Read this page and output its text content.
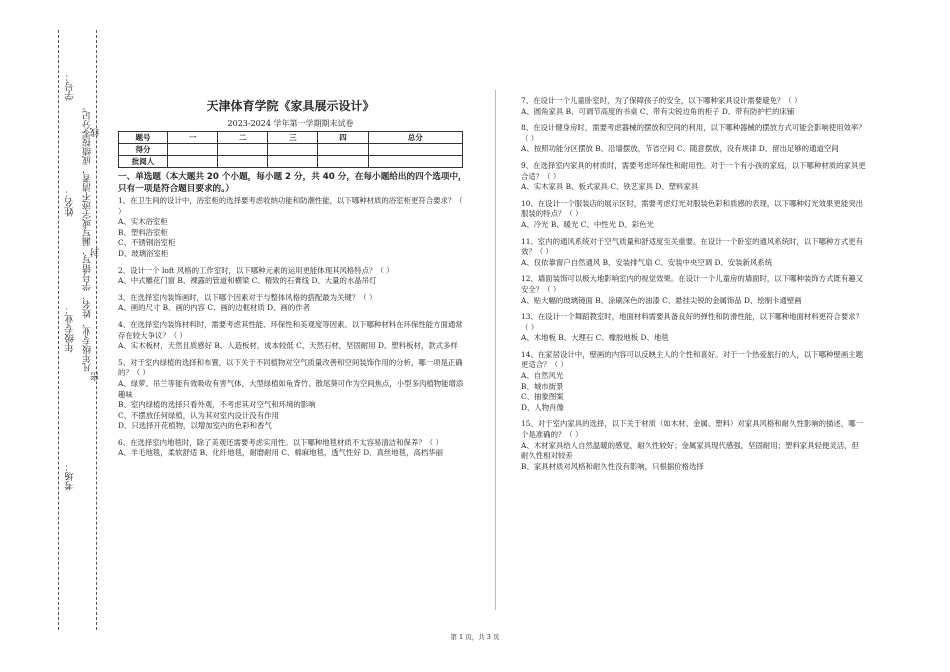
学号：
姓名：
年级专业：
考场：
凡年级专业、姓名、学号错写、漏写或字迹不清者，成绩按零分记。
线
封
密
天津体育学院《家具展示设计》
2023-2024 学年第一学期期末试卷
题号	一	二	三	四	总分
得分					
批阅人					
一、单选题（本大题共 20 个小题，每小题 2 分，共 40 分，在每小题给出的四个选项中，只有一项是符合题目要求的。）
1、在卫生间的设计中，浴室柜的选择要考虑收纳功能和防潮性能，以下哪种材质的浴室柜更符合要求？（ ）
A、实木浴室柜
B、塑料浴室柜
C、不锈钢浴室柜
D、玻璃浴室柜
2、设计一个 loft 风格的工作室时，以下哪种元素的运用更能体现其风格特点？（ ）
A、中式雕花门窗 B、裸露的管道和横梁 C、精致的石膏线 D、大量的水晶吊灯
3、在选择室内装饰画时，以下哪个因素对于与整体风格的搭配最为关键？（ ）
A、画的尺寸 B、画的内容 C、画的边框材质 D、画的作者
4、在选择室内装饰材料时，需要考虑其性能、环保性和美观度等因素。以下哪种材料在环保性能方面通常存在较大争议？（ ）
A、实木板材，天然且质感好 B、人造板材，成本较低 C、天然石材，坚固耐用 D、塑料板材，款式多样
5、对于室内绿植的选择和布置，以下关于不同植物对空气质量改善和空间装饰作用的分析，哪一项是正确的？（ ）
A、绿萝、吊兰等能有效吸收有害气体，大型绿植如龟背竹、散尾葵可作为空间焦点，小型多肉植物能增添趣味
B、室内绿植的选择只看外观，不考虑其对空气和环境的影响
C、不摆放任何绿植，认为其对室内设计没有作用
D、只选择开花植物，以增加室内的色彩和香气
6、在选择室内地毯时，除了美观还需要考虑实用性。以下哪种地毯材质不太容易清洁和保养？（ ）
A、羊毛地毯，柔软舒适 B、化纤地毯，耐磨耐用 C、棉麻地毯，透气性好 D、真丝地毯，高档华丽
7、在设计一个儿童卧室时，为了保障孩子的安全，以下哪种家具设计需要避免？（ ）
A、圆角家具 B、可调节高度的书桌 C、带有尖锐边角的柜子 D、带有防护栏的床铺
8、在设计健身房时，需要考虑器械的摆放和空间的利用，以下哪种器械的摆放方式可能会影响使用效率？（ ）
A、按照功能分区摆放 B、沿墙摆放，节省空间 C、随意摆放，没有规律 D、留出足够的通道空间
9、在选择室内家具的材质时，需要考虑环保性和耐用性。对于一个有小孩的家庭，以下哪种材质的家具更合适？（ ）
A、实木家具 B、板式家具 C、铁艺家具 D、塑料家具
10、在设计一个服装店的展示区时，需要考虑灯光对服装色彩和质感的表现，以下哪种灯光效果更能突出服装的特点？（ ）
A、冷光 B、暖光 C、中性光 D、彩色光
11、室内的通风系统对于空气质量和舒适度至关重要。在设计一个卧室的通风系统时，以下哪种方式更有效？（ ）
A、仅依靠窗户自然通风 B、安装排气扇 C、安装中央空调 D、安装新风系统
12、墙面装饰可以极大地影响室内的视觉效果。在设计一个儿童房的墙面时，以下哪种装饰方式既有趣又安全？（ ）
A、贴大幅的玻璃镜面 B、涂刷深色的油漆 C、悬挂尖锐的金属饰品 D、绘制卡通壁画
13、在设计一个舞蹈教室时，地面材料需要具备良好的弹性和防滑性能，以下哪种地面材料更符合要求？（ ）
A、木地板 B、大理石 C、橡胶地板 D、地毯
14、在家居设计中，壁画的内容可以反映主人的个性和喜好。对于一个热爱旅行的人，以下哪种壁画主题更适合？（ ）
A、自然风光
B、城市街景
C、抽象图案
D、人物肖像
15、对于室内家具的选择，以下关于材质（如木材、金属、塑料）对家具风格和耐久性影响的描述，哪一个是准确的？（ ）
A、木材家具给人自然温暖的感觉，耐久性较好；金属家具现代感强，坚固耐用；塑料家具轻便灵活，但耐久性相对较差
B、家具材质对风格和耐久性没有影响，只根据价格选择
第 1 页，共 3 页
